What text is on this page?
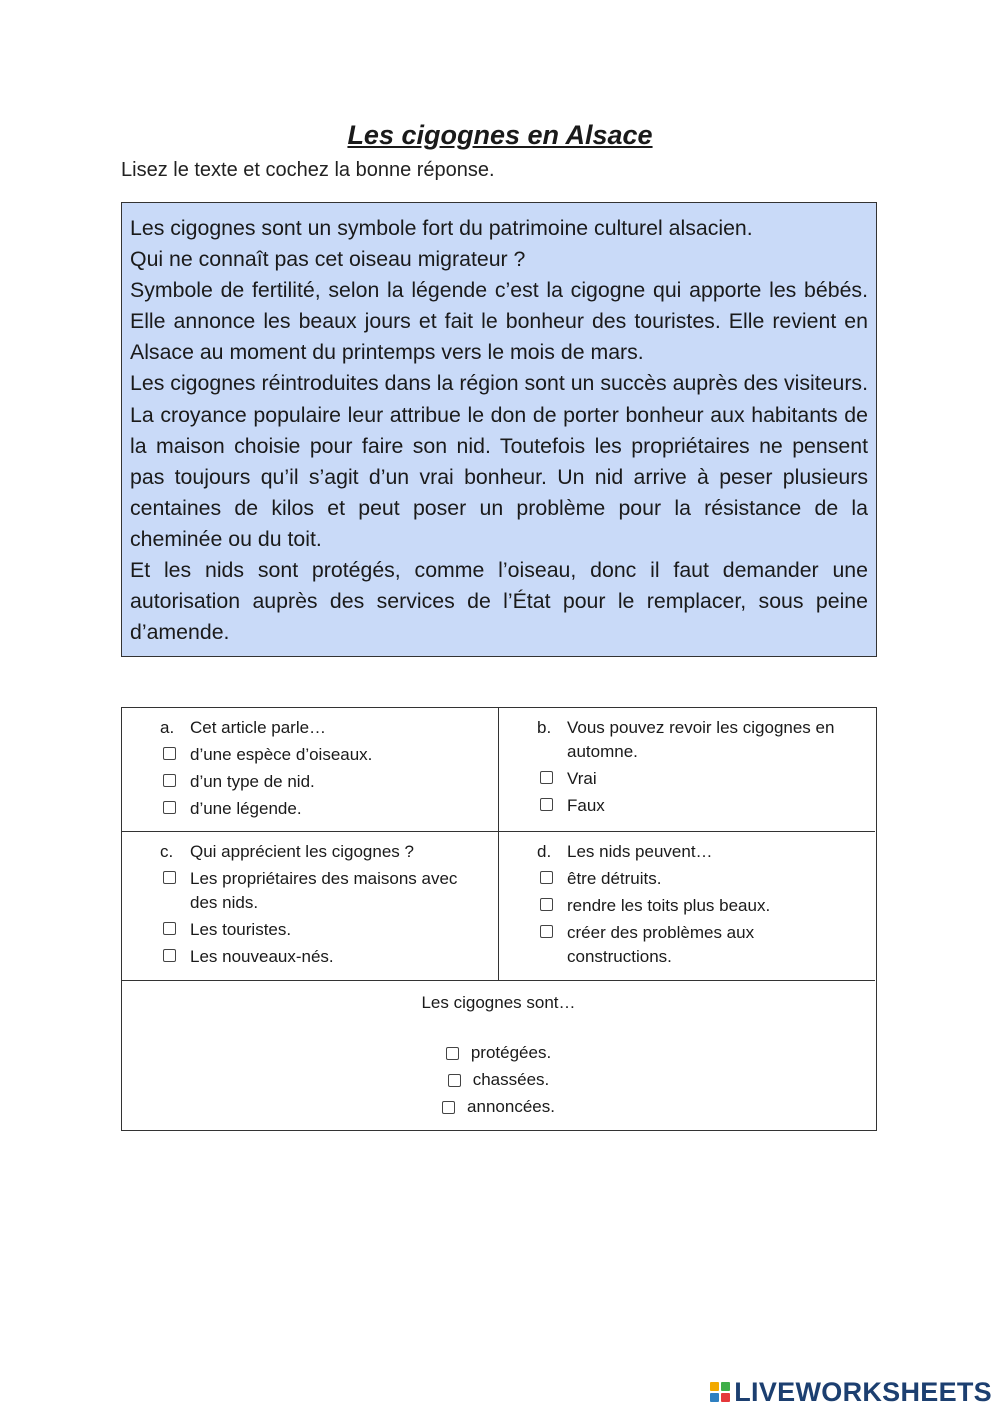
Les cigognes en Alsace
Lisez le texte et cochez la bonne réponse.

Les cigognes sont un symbole fort du patrimoine culturel alsacien.

Qui ne connaît pas cet oiseau migrateur ?

Symbole de fertilité, selon la légende c’est la cigogne qui apporte les bébés. Elle annonce les beaux jours et fait le bonheur des touristes. Elle revient en Alsace au moment du printemps vers le mois de mars.

Les cigognes réintroduites dans la région sont un succès auprès des visiteurs. La croyance populaire leur attribue le don de porter bonheur aux habitants de la maison choisie pour faire son nid. Toutefois les propriétaires ne pensent pas toujours qu’il s’agit d’un vrai bonheur. Un nid arrive à peser plusieurs centaines de kilos et peut poser un problème pour la résistance de la cheminée ou du toit.

Et les nids sont protégés, comme l’oiseau, donc il faut demander une autorisation auprès des services de l’État pour le remplacer, sous peine d’amende.

a. Cet article parle…
d’une espèce d’oiseaux.
d’un type de nid.
d’une légende.
b. Vous pouvez revoir les cigognes en automne.
Vrai
Faux
c. Qui apprécient les cigognes ?
Les propriétaires des maisons avec des nids.
Les touristes.
Les nouveaux-nés.
d. Les nids peuvent…
être détruits.
rendre les toits plus beaux.
créer des problèmes aux constructions.
Les cigognes sont…
protégées.
chassées.
annoncées.
LIVEWORKSHEETS
